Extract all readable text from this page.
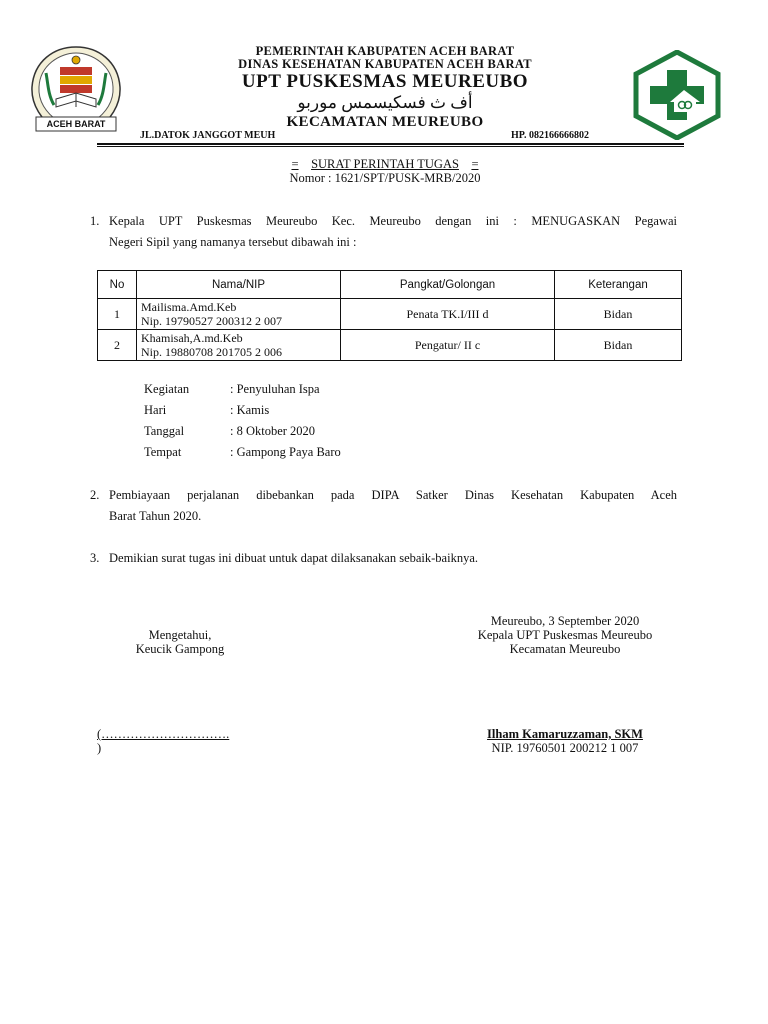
ACEH BARAT
PEMERINTAH KABUPATEN ACEH BARAT
DINAS KESEHATAN KABUPATEN ACEH BARAT
UPT PUSKESMAS MEUREUBO
أف ث فسكيسمس موربو
KECAMATAN MEUREUBO
JL.DATOK JANGGOT MEUH	HP. 082166666802
= SURAT PERINTAH TUGAS =
Nomor : 1621/SPT/PUSK-MRB/2020
1. Kepala UPT Puskesmas Meureubo Kec. Meureubo dengan ini : MENUGASKAN Pegawai
Negeri Sipil yang namanya tersebut dibawah ini :
No	Nama/NIP	Pangkat/Golongan	Keterangan
1	Mailisma.Amd.Keb
Nip. 19790527 200312 2 007	Penata TK.I/III d	Bidan
2	Khamisah,A.md.Keb
Nip. 19880708 201705 2 006	Pengatur/ II c	Bidan
Kegiatan	: Penyuluhan Ispa
Hari	: Kamis
Tanggal	: 8 Oktober 2020
Tempat	: Gampong Paya Baro
2. Pembiayaan perjalanan dibebankan pada DIPA Satker Dinas Kesehatan Kabupaten Aceh
Barat Tahun 2020.
3. Demikian surat tugas ini dibuat untuk dapat dilaksanakan sebaik-baiknya.
Mengetahui,
Keucik Gampong
Meureubo, 3 September 2020
Kepala UPT Puskesmas Meureubo
Kecamatan Meureubo
(………………………….
)
Ilham Kamaruzzaman, SKM
NIP. 19760501 200212 1 007
